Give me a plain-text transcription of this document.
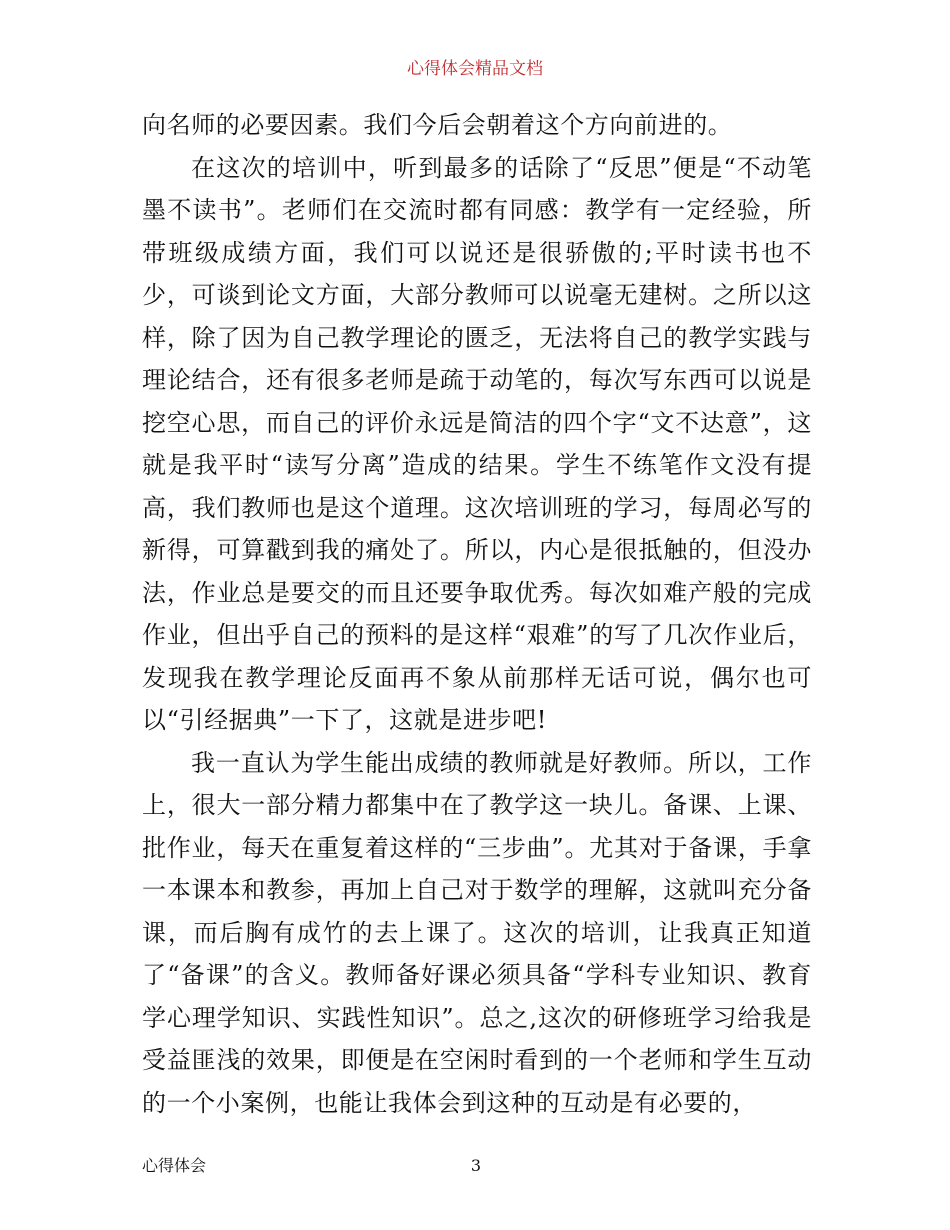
心得体会精品文档

向名师的必要因素。我们今后会朝着这个方向前进的。

在这次的培训中，听到最多的话除了“反思”便是“不动笔墨不读书”。老师们在交流时都有同感：教学有一定经验，所带班级成绩方面，我们可以说还是很骄傲的;平时读书也不少，可谈到论文方面，大部分教师可以说毫无建树。之所以这样，除了因为自己教学理论的匮乏，无法将自己的教学实践与理论结合，还有很多老师是疏于动笔的，每次写东西可以说是挖空心思，而自己的评价永远是简洁的四个字“文不达意”，这就是我平时“读写分离”造成的结果。学生不练笔作文没有提高，我们教师也是这个道理。这次培训班的学习，每周必写的新得，可算戳到我的痛处了。所以，内心是很抵触的，但没办法，作业总是要交的而且还要争取优秀。每次如难产般的完成作业，但出乎自己的预料的是这样“艰难”的写了几次作业后，发现我在教学理论反面再不象从前那样无话可说，偶尔也可以“引经据典”一下了，这就是进步吧!

我一直认为学生能出成绩的教师就是好教师。所以，工作上，很大一部分精力都集中在了教学这一块儿。备课、上课、批作业，每天在重复着这样的“三步曲”。尤其对于备课，手拿一本课本和教参，再加上自己对于数学的理解，这就叫充分备课，而后胸有成竹的去上课了。这次的培训，让我真正知道了“备课”的含义。教师备好课必须具备“学科专业知识、教育学心理学知识、实践性知识”。总之,这次的研修班学习给我是受益匪浅的效果，即便是在空闲时看到的一个老师和学生互动的一个小案例，也能让我体会到这种的互动是有必要的，

心得体会	3
